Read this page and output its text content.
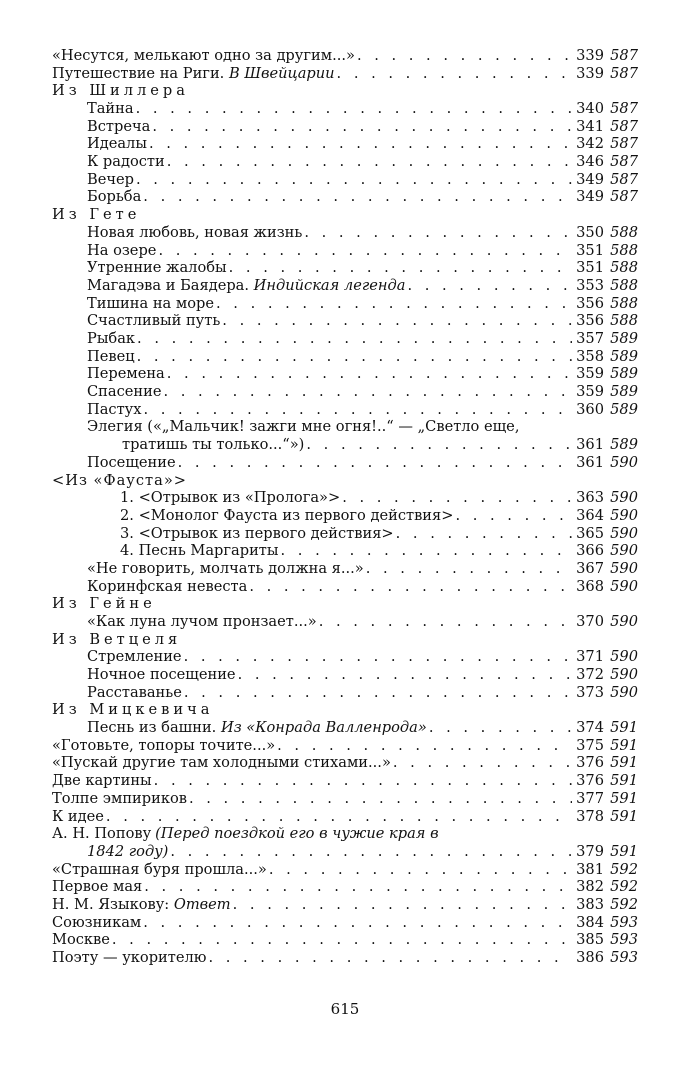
«Несутся, мелькают одно за другим...» . . .	339 587
Путешествие на Риги. В Швейцарии . . .	339 587
Из Шиллера
Тайна . . .	340 587
Встреча . . .	341 587
Идеалы . . .	342 587
К радости . . .	346 587
Вечер . . .	349 587
Борьба . . .	349 587
Из Гете
Новая любовь, новая жизнь . . .	350 588
На озере . . .	351 588
Утренние жалобы . . .	351 588
Магадэва и Баядера. Индийская легенда . . .	353 588
Тишина на море . . .	356 588
Счастливый путь . . .	356 588
Рыбак . . .	357 589
Певец . . .	358 589
Перемена . . .	359 589
Спасение . . .	359 589
Пастух . . .	360 589
Элегия («„Мальчик! зажги мне огня!..“ — „Светло еще,
тратишь ты только...“») . . .	361 589
Посещение . . .	361 590
<Из «Фауста»>
1. <Отрывок из «Пролога»> . . .	363 590
2. <Монолог Фауста из первого действия> . . .	364 590
3. <Отрывок из первого действия> . . .	365 590
4. Песнь Маргариты . . .	366 590
«Не говорить, молчать должна я...» . . .	367 590
Коринфская невеста . . .	368 590
Из Гейне
«Как луна лучом пронзает...» . . .	370 590
Из Ветцеля
Стремление . . .	371 590
Ночное посещение . . .	372 590
Расставанье . . .	373 590
Из Мицкевича
Песнь из башни. Из «Конрада Валленрода» . . .	374 591
«Готовьте, топоры точите...» . . .	375 591
«Пускай другие там холодными стихами...» . . .	376 591
Две картины . . .	376 591
Толпе эмпириков . . .	377 591
К идее . . .	378 591
А. Н. Попову (Перед поездкой его в чужие края в
1842 году) . . .	379 591
«Страшная буря прошла...» . . .	381 592
Первое мая . . .	382 592
Н. М. Языкову: Ответ . . .	383 592
Союзникам . . .	384 593
Москве . . .	385 593
Поэту — укорителю . . .	386 593
615
